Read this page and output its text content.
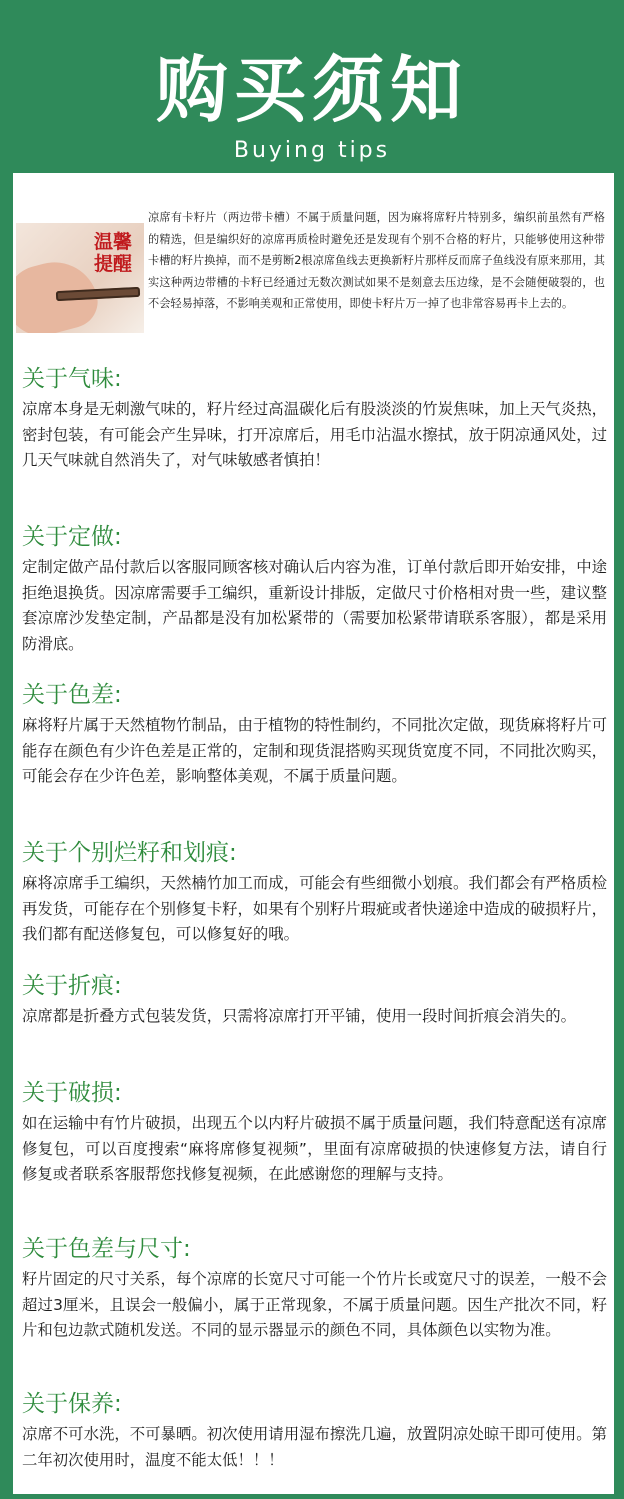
购买须知
Buying tips
温馨
提醒
凉席有卡籽片（两边带卡槽）不属于质量问题，因为麻将席籽片特别多，编织前虽然有严格的精选，但是编织好的凉席再质检时避免还是发现有个别不合格的籽片，只能够使用这种带卡槽的籽片换掉，而不是剪断2根凉席鱼线去更换新籽片那样反而席子鱼线没有原来那用，其实这种两边带槽的卡籽已经通过无数次测试如果不是刻意去压边缘，是不会随便破裂的，也不会轻易掉落，不影响美观和正常使用，即使卡籽片万一掉了也非常容易再卡上去的。
关于气味:
凉席本身是无刺激气味的，籽片经过高温碳化后有股淡淡的竹炭焦味，加上天气炎热，密封包装，有可能会产生异味，打开凉席后，用毛巾沾温水擦拭，放于阴凉通风处，过几天气味就自然消失了，对气味敏感者慎拍！
关于定做:
定制定做产品付款后以客服同顾客核对确认后内容为准，订单付款后即开始安排，中途拒绝退换货。因凉席需要手工编织，重新设计排版，定做尺寸价格相对贵一些，建议整套凉席沙发垫定制，产品都是没有加松紧带的（需要加松紧带请联系客服），都是采用防滑底。
关于色差:
麻将籽片属于天然植物竹制品，由于植物的特性制约，不同批次定做，现货麻将籽片可能存在颜色有少许色差是正常的，定制和现货混搭购买现货宽度不同，不同批次购买，可能会存在少许色差，影响整体美观，不属于质量问题。
关于个别烂籽和划痕:
麻将凉席手工编织，天然楠竹加工而成，可能会有些细微小划痕。我们都会有严格质检再发货，可能存在个别修复卡籽，如果有个别籽片瑕疵或者快递途中造成的破损籽片，我们都有配送修复包，可以修复好的哦。
关于折痕:
凉席都是折叠方式包装发货，只需将凉席打开平铺，使用一段时间折痕会消失的。
关于破损:
如在运输中有竹片破损，出现五个以内籽片破损不属于质量问题，我们特意配送有凉席修复包，可以百度搜索“麻将席修复视频”，里面有凉席破损的快速修复方法，请自行修复或者联系客服帮您找修复视频，在此感谢您的理解与支持。
关于色差与尺寸:
籽片固定的尺寸关系，每个凉席的长宽尺寸可能一个竹片长或宽尺寸的误差，一般不会超过3厘米，且误会一般偏小，属于正常现象，不属于质量问题。因生产批次不同，籽片和包边款式随机发送。不同的显示器显示的颜色不同，具体颜色以实物为准。
关于保养:
凉席不可水洗，不可暴晒。初次使用请用湿布擦洗几遍，放置阴凉处晾干即可使用。第二年初次使用时，温度不能太低！！！
